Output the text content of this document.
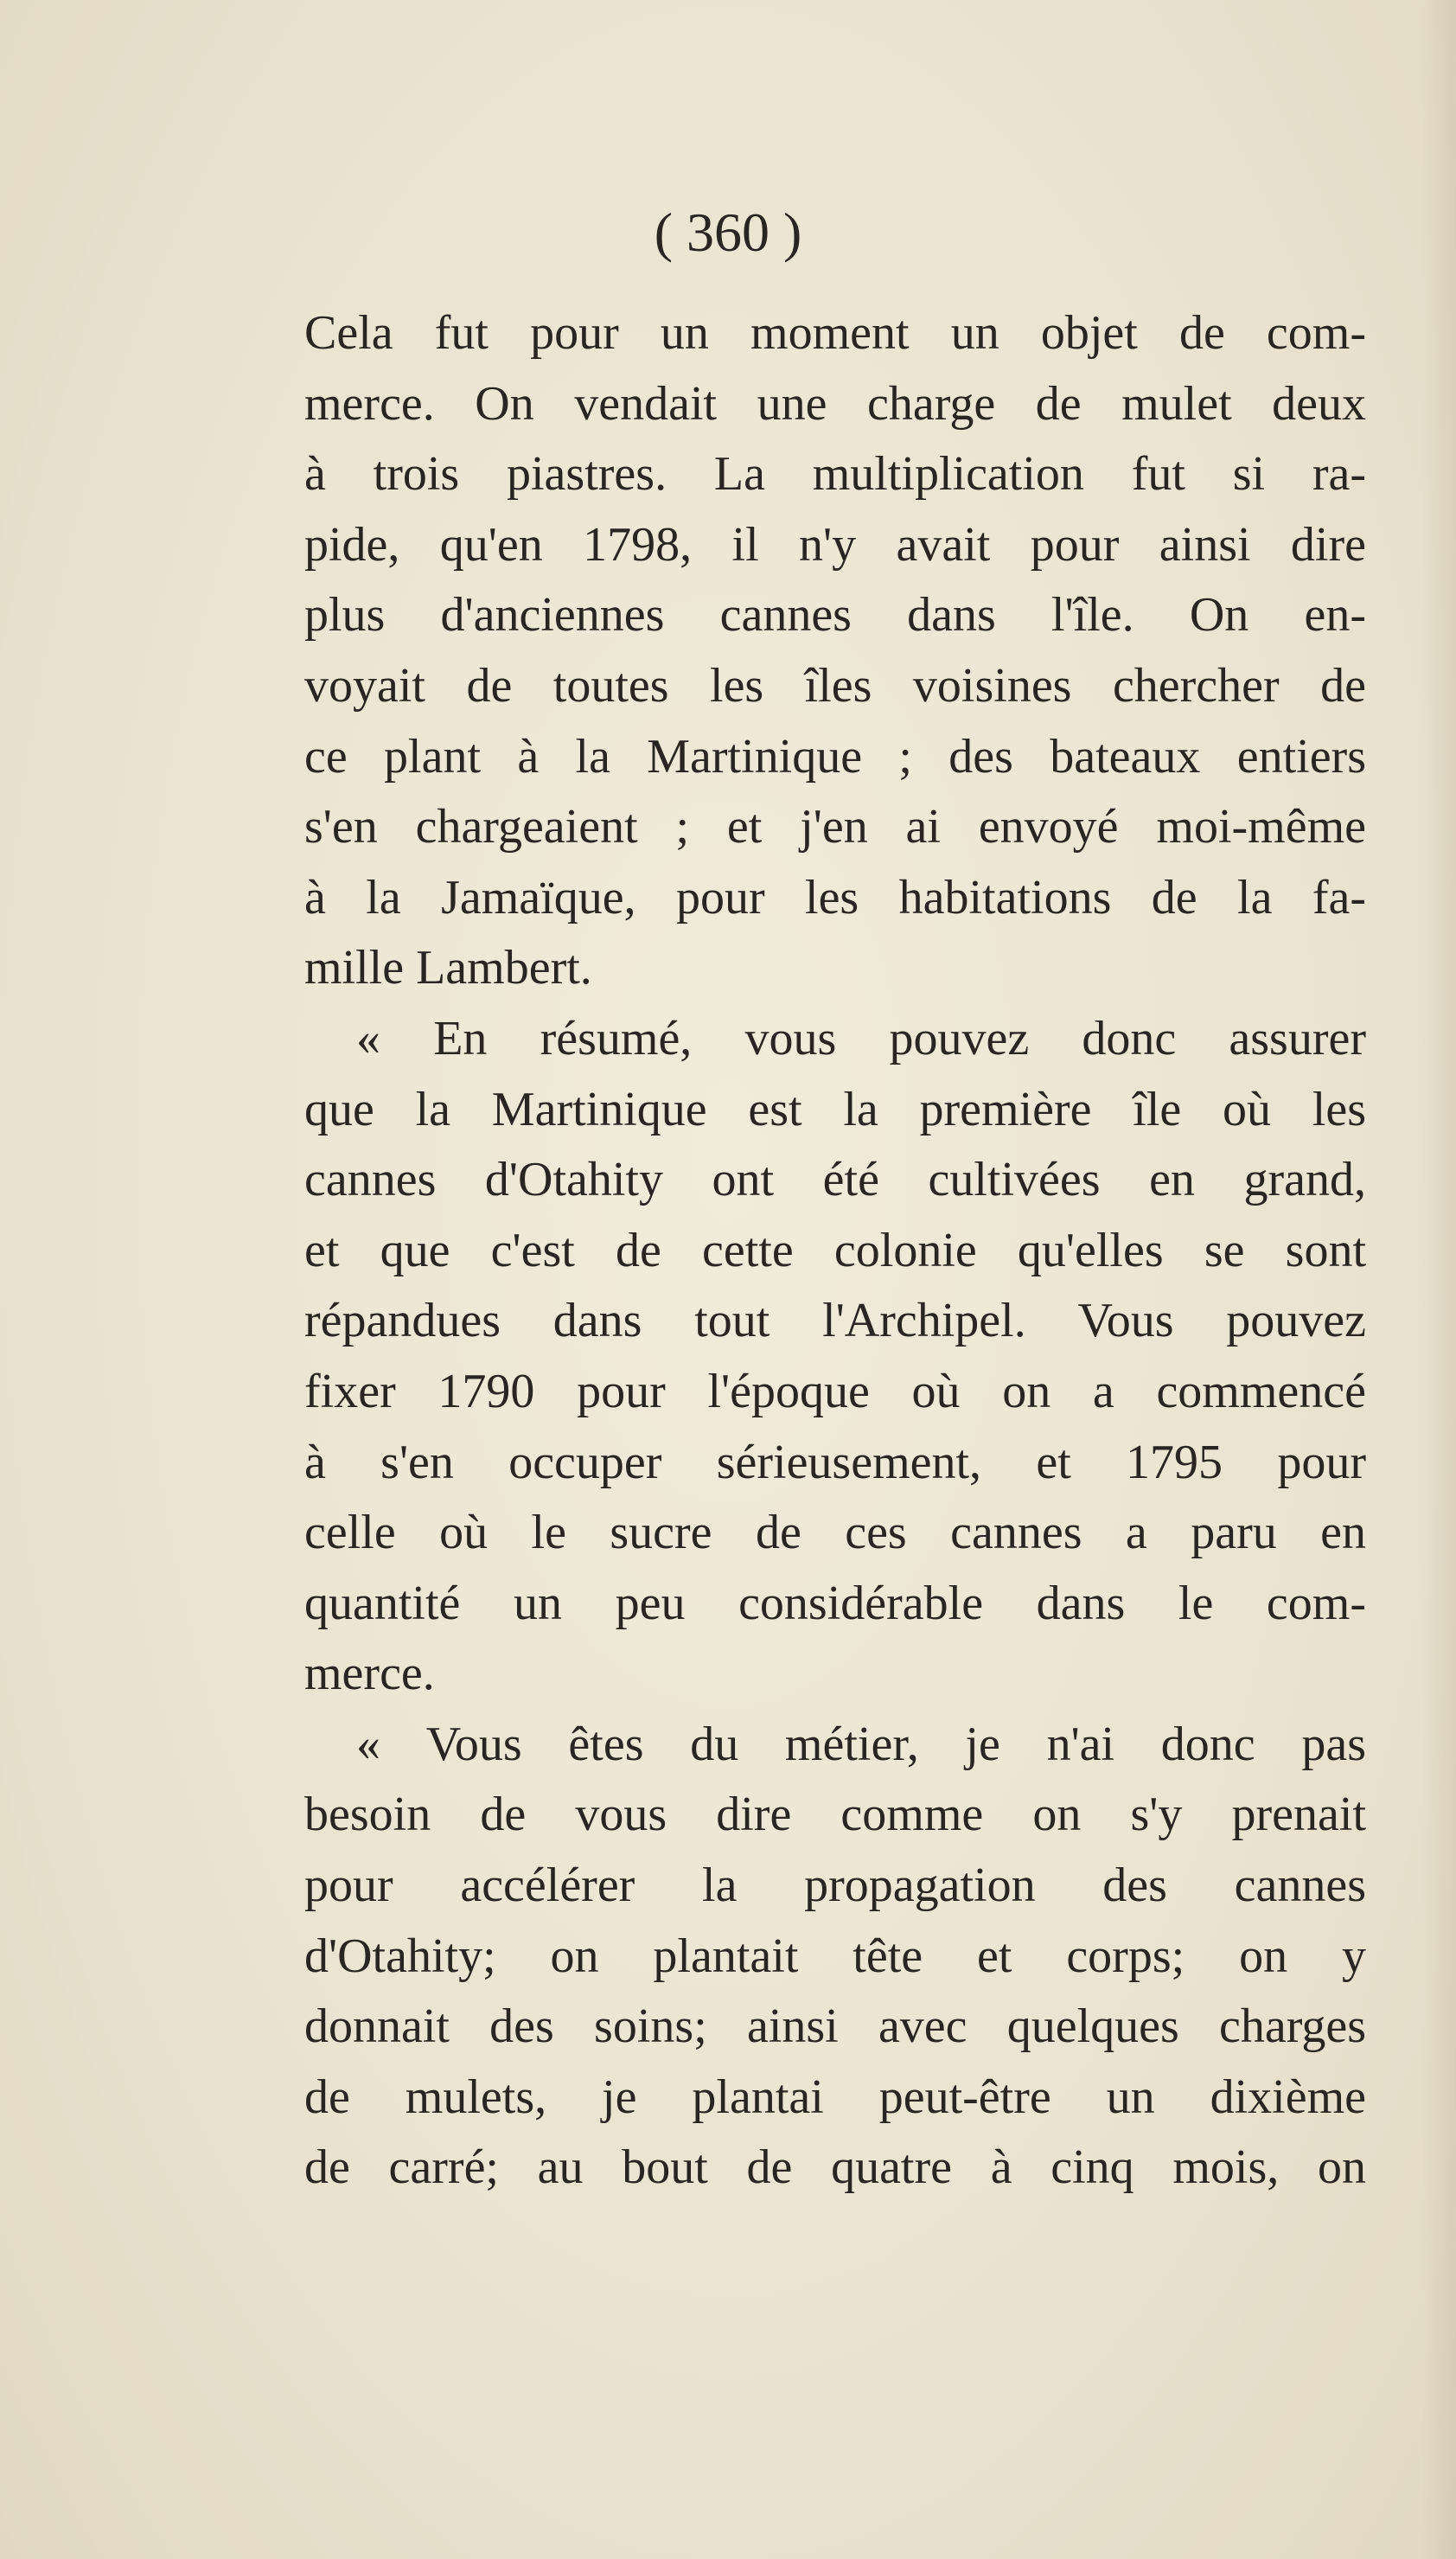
( 360 )
Cela fut pour un moment un objet de com-
merce. On vendait une charge de mulet deux
à trois piastres. La multiplication fut si ra-
pide, qu'en 1798, il n'y avait pour ainsi dire
plus d'anciennes cannes dans l'île. On en-
voyait de toutes les îles voisines chercher de
ce plant à la Martinique ; des bateaux entiers
s'en chargeaient ; et j'en ai envoyé moi-même
à la Jamaïque, pour les habitations de la fa-
mille Lambert.
« En résumé, vous pouvez donc assurer
que la Martinique est la première île où les
cannes d'Otahity ont été cultivées en grand,
et que c'est de cette colonie qu'elles se sont
répandues dans tout l'Archipel. Vous pouvez
fixer 1790 pour l'époque où on a commencé
à s'en occuper sérieusement, et 1795 pour
celle où le sucre de ces cannes a paru en
quantité un peu considérable dans le com-
merce.
« Vous êtes du métier, je n'ai donc pas
besoin de vous dire comme on s'y prenait
pour accélérer la propagation des cannes
d'Otahity; on plantait tête et corps; on y
donnait des soins; ainsi avec quelques charges
de mulets, je plantai peut-être un dixième
de carré; au bout de quatre à cinq mois, on
